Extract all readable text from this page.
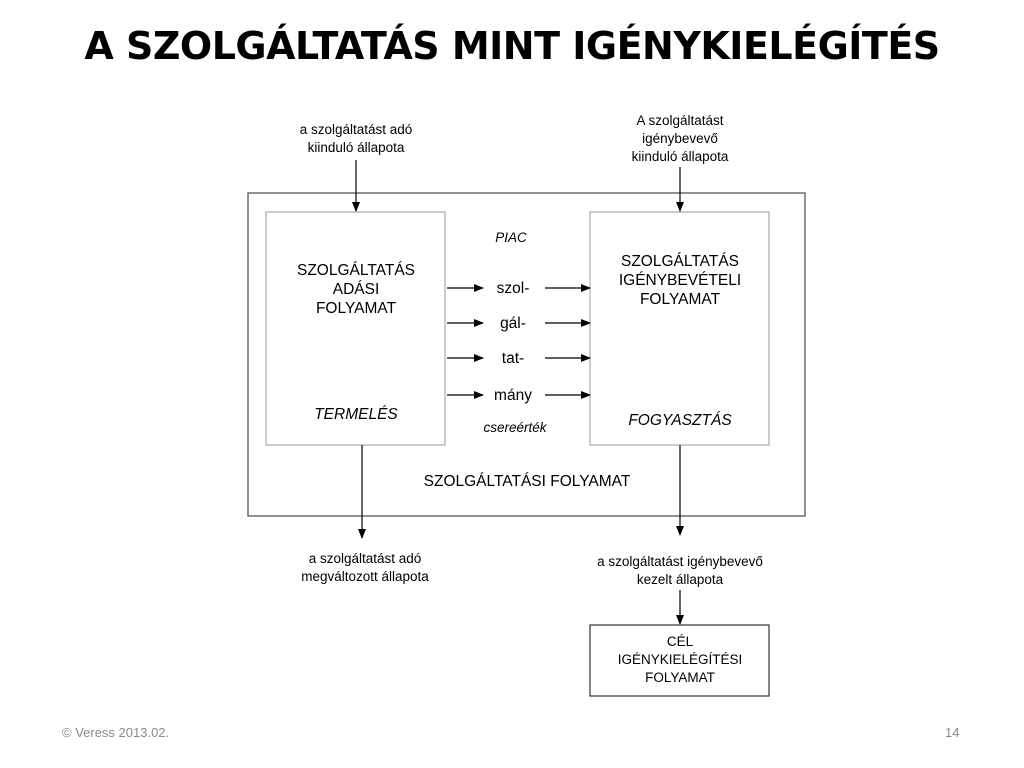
A SZOLGÁLTATÁS MINT IGÉNYKIELÉGÍTÉS
a szolgáltatást adó
kiinduló állapota
A szolgáltatást
igénybevevő
kiinduló állapota
SZOLGÁLTATÁS
ADÁSI
FOLYAMAT
TERMELÉS
SZOLGÁLTATÁS
IGÉNYBEVÉTELI
FOLYAMAT
FOGYASZTÁS
PIAC
szol-
gál-
tat-
mány
csereérték
SZOLGÁLTATÁSI FOLYAMAT
a szolgáltatást adó
megváltozott állapota
a szolgáltatást igénybevevő
kezelt állapota
CÉL
IGÉNYKIELÉGÍTÉSI
FOLYAMAT
© Veress 2013.02.	14
